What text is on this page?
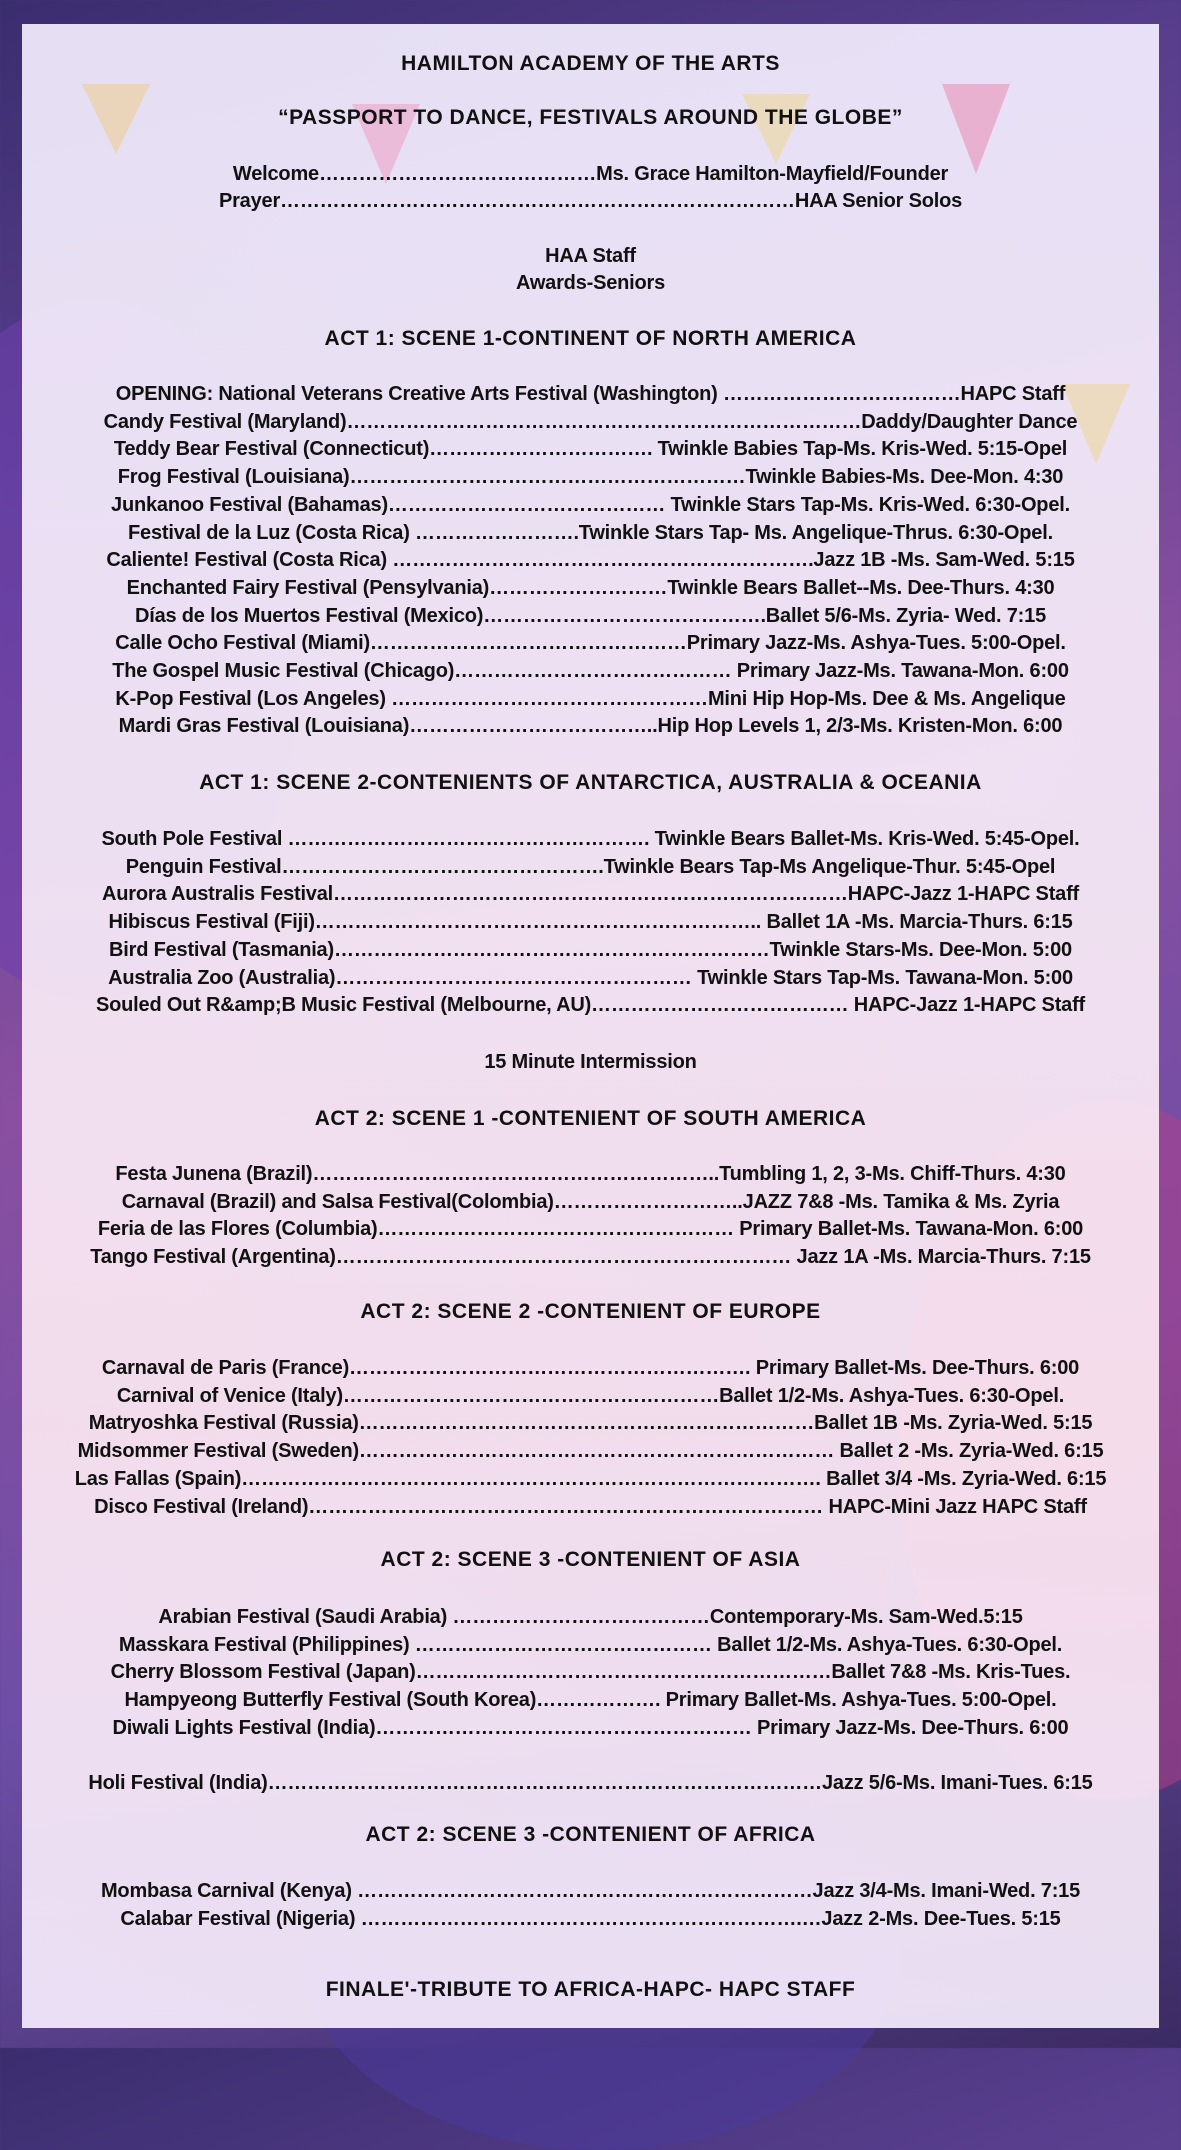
HAMILTON ACADEMY OF THE ARTS
“PASSPORT TO DANCE, FESTIVALS AROUND THE GLOBE”
Welcome……………………………………Ms. Grace Hamilton-Mayfield/Founder
Prayer……………………………………………………………………HAA Senior Solos
HAA Staff
Awards-Seniors
ACT 1: SCENE 1-CONTINENT OF NORTH AMERICA
OPENING: National Veterans Creative Arts Festival (Washington) ………………………………HAPC Staff
Candy Festival (Maryland)……………………………………………………………………Daddy/Daughter Dance
Teddy Bear Festival (Connecticut)……………………………. Twinkle Babies Tap-Ms. Kris-Wed. 5:15-Opel
Frog Festival (Louisiana)……………………………………………………Twinkle Babies-Ms. Dee-Mon. 4:30
Junkanoo Festival (Bahamas)…………………………………… Twinkle Stars Tap-Ms. Kris-Wed. 6:30-Opel.
Festival de la Luz (Costa Rica) …………………….Twinkle Stars Tap- Ms. Angelique-Thrus. 6:30-Opel.
Caliente! Festival (Costa Rica) ……………………………………………………….Jazz 1B -Ms. Sam-Wed. 5:15
Enchanted Fairy Festival (Pensylvania)………………………Twinkle Bears Ballet--Ms. Dee-Thurs. 4:30
Días de los Muertos Festival (Mexico)…………………………………….Ballet 5/6-Ms. Zyria- Wed. 7:15
Calle Ocho Festival (Miami)…………………………………………Primary Jazz-Ms. Ashya-Tues. 5:00-Opel.
The Gospel Music Festival (Chicago)…………………………………… Primary Jazz-Ms. Tawana-Mon. 6:00
K-Pop Festival (Los Angeles) …………………………………………Mini Hip Hop-Ms. Dee & Ms. Angelique
Mardi Gras Festival (Louisiana)………………………………..Hip Hop Levels 1, 2/3-Ms. Kristen-Mon. 6:00
ACT 1: SCENE 2-CONTENIENTS OF ANTARCTICA, AUSTRALIA & OCEANIA
South Pole Festival ………………………………………………. Twinkle Bears Ballet-Ms. Kris-Wed. 5:45-Opel.
Penguin Festival………………………………………….Twinkle Bears Tap-Ms Angelique-Thur. 5:45-Opel
Aurora Australis Festival……………………………………………………………………HAPC-Jazz 1-HAPC Staff
Hibiscus Festival (Fiji)………………………………………………………….. Ballet 1A -Ms. Marcia-Thurs. 6:15
Bird Festival (Tasmania)…………………………………………………………Twinkle Stars-Ms. Dee-Mon. 5:00
Australia Zoo (Australia)……………………………………………… Twinkle Stars Tap-Ms. Tawana-Mon. 5:00
Souled Out R&amp;B Music Festival (Melbourne, AU)………………………………… HAPC-Jazz 1-HAPC Staff
15 Minute Intermission
ACT 2: SCENE 1 -CONTENIENT OF SOUTH AMERICA
Festa Junena (Brazil)……………………………………………………..Tumbling 1, 2, 3-Ms. Chiff-Thurs. 4:30
Carnaval (Brazil) and Salsa Festival(Colombia)………………………..JAZZ 7&8 -Ms. Tamika & Ms. Zyria
Feria de las Flores (Columbia)……………………………………………… Primary Ballet-Ms. Tawana-Mon. 6:00
Tango Festival (Argentina)…………………………………………………………… Jazz 1A -Ms. Marcia-Thurs. 7:15
ACT 2: SCENE 2 -CONTENIENT OF EUROPE
Carnaval de Paris (France)……………………………………………………. Primary Ballet-Ms. Dee-Thurs. 6:00
Carnival of Venice (Italy)…………………………………………………Ballet 1/2-Ms. Ashya-Tues. 6:30-Opel.
Matryoshka Festival (Russia)……………………………………………………………Ballet 1B -Ms. Zyria-Wed. 5:15
Midsommer Festival (Sweden)……………………………………………………………… Ballet 2 -Ms. Zyria-Wed. 6:15
Las Fallas (Spain)……………………………………………………………………………. Ballet 3/4 -Ms. Zyria-Wed. 6:15
Disco Festival (Ireland)…………………………………………………………………… HAPC-Mini Jazz HAPC Staff
ACT 2: SCENE 3 -CONTENIENT OF ASIA
Arabian Festival (Saudi Arabia) …………………………………Contemporary-Ms. Sam-Wed.5:15
Masskara Festival (Philippines) ……………………………………… Ballet 1/2-Ms. Ashya-Tues. 6:30-Opel.
Cherry Blossom Festival (Japan)………………………………………………………Ballet 7&8 -Ms. Kris-Tues.
Hampyeong Butterfly Festival (South Korea)………………. Primary Ballet-Ms. Ashya-Tues. 5:00-Opel.
Diwali Lights Festival (India)………………………………………………… Primary Jazz-Ms. Dee-Thurs. 6:00
Holi Festival (India)…………………………………………………………………………Jazz 5/6-Ms. Imani-Tues. 6:15
ACT 2: SCENE 3 -CONTENIENT OF AFRICA
Mombasa Carnival (Kenya) ……………………………………………………………Jazz 3/4-Ms. Imani-Wed. 7:15
Calabar Festival (Nigeria) ………………………………………………………….…Jazz 2-Ms. Dee-Tues. 5:15
FINALE'-TRIBUTE TO AFRICA-HAPC- HAPC STAFF
